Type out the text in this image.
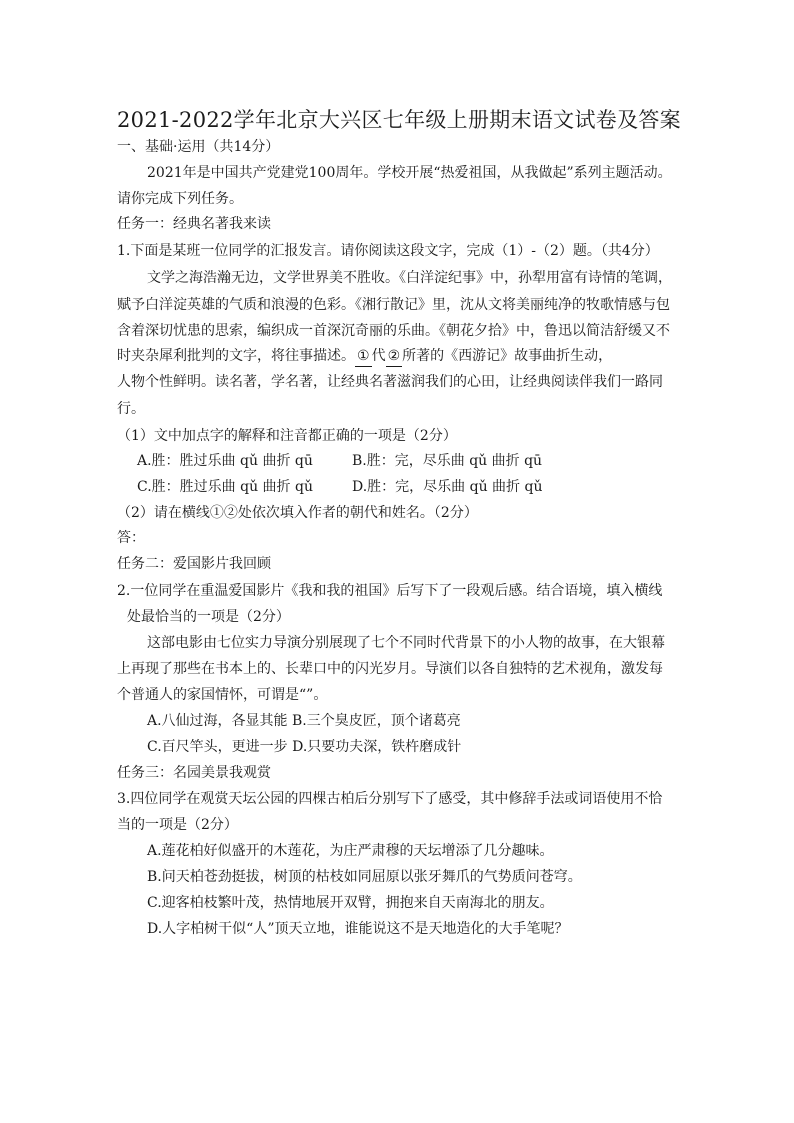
2021-2022学年北京大兴区七年级上册期末语文试卷及答案
一、基础·运用（共14分）
2021年是中国共产党建党100周年。学校开展“热爱祖国，从我做起”系列主题活动。
请你完成下列任务。
任务一：经典名著我来读
1.下面是某班一位同学的汇报发言。请你阅读这段文字，完成（1）-（2）题。（共4分）
文学之海浩瀚无边，文学世界美不胜收。《白洋淀纪事》中，孙犁用富有诗情的笔调，
赋予白洋淀英雄的气质和浪漫的色彩。《湘行散记》里，沈从文将美丽纯净的牧歌情感与包
含着深切忧患的思索，编织成一首深沉奇丽的乐曲。《朝花夕拾》中，鲁迅以简洁舒缓又不
时夹杂犀利批判的文字，将往事描述。 ① 代 ② 所著的《西游记》故事曲折生动，
人物个性鲜明。读名著，学名著，让经典名著滋润我们的心田，让经典阅读伴我们一路同
行。
（1）文中加点字的解释和注音都正确的一项是（2分）
A.胜：胜过乐曲 qǔ 曲折 qū	B.胜：完，尽乐曲 qǔ 曲折 qū
C.胜：胜过乐曲 qǔ 曲折 qǔ	D.胜：完，尽乐曲 qǔ 曲折 qǔ
（2）请在横线①②处依次填入作者的朝代和姓名。（2分）
答：
任务二：爱国影片我回顾
2.一位同学在重温爱国影片《我和我的祖国》后写下了一段观后感。结合语境，填入横线
处最恰当的一项是（2分）
这部电影由七位实力导演分别展现了七个不同时代背景下的小人物的故事，在大银幕
上再现了那些在书本上的、长辈口中的闪光岁月。导演们以各自独特的艺术视角，激发每
个普通人的家国情怀，可谓是“”。
A.八仙过海，各显其能 B.三个臭皮匠，顶个诸葛亮
C.百尺竿头，更进一步 D.只要功夫深，铁杵磨成针
任务三：名园美景我观赏
3.四位同学在观赏天坛公园的四棵古柏后分别写下了感受，其中修辞手法或词语使用不恰
当的一项是（2分）
A.莲花柏好似盛开的木莲花，为庄严肃穆的天坛增添了几分趣味。
B.问天柏苍劲挺拔，树顶的枯枝如同屈原以张牙舞爪的气势质问苍穹。
C.迎客柏枝繁叶茂，热情地展开双臂，拥抱来自天南海北的朋友。
D.人字柏树干似“人”顶天立地，谁能说这不是天地造化的大手笔呢？
